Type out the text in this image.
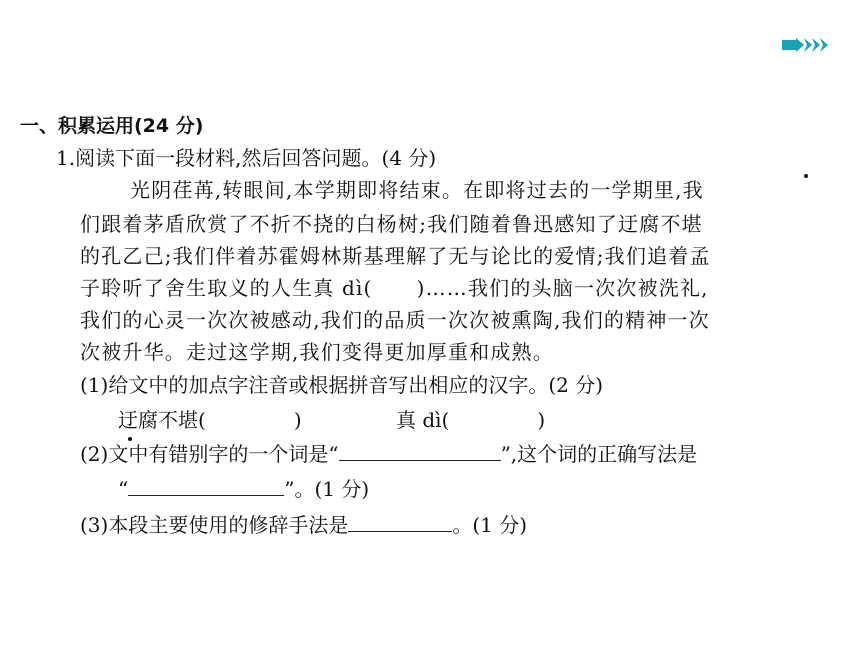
一、积累运用(24 分)
1.阅读下面一段材料,然后回答问题。(4 分)
光阴荏苒,转眼间,本学期即将结束。在即将过去的一学期里,我
们跟着茅盾欣赏了不折不挠的白杨树;我们随着鲁迅感知了迂腐不堪
的孔乙己;我们伴着苏霍姆林斯基理解了无与论比的爱情;我们追着孟
子聆听了舍生取义的人生真 dì( )……我们的头脑一次次被洗礼,
我们的心灵一次次被感动,我们的品质一次次被熏陶,我们的精神一次
次被升华。走过这学期,我们变得更加厚重和成熟。
(1)给文中的加点字注音或根据拼音写出相应的汉字。(2 分)
迂腐不堪(	)	真 dì(	)
(2)文中有错别字的一个词是“	”,这个词的正确写法是
“	”。(1 分)
(3)本段主要使用的修辞手法是	。(1 分)
